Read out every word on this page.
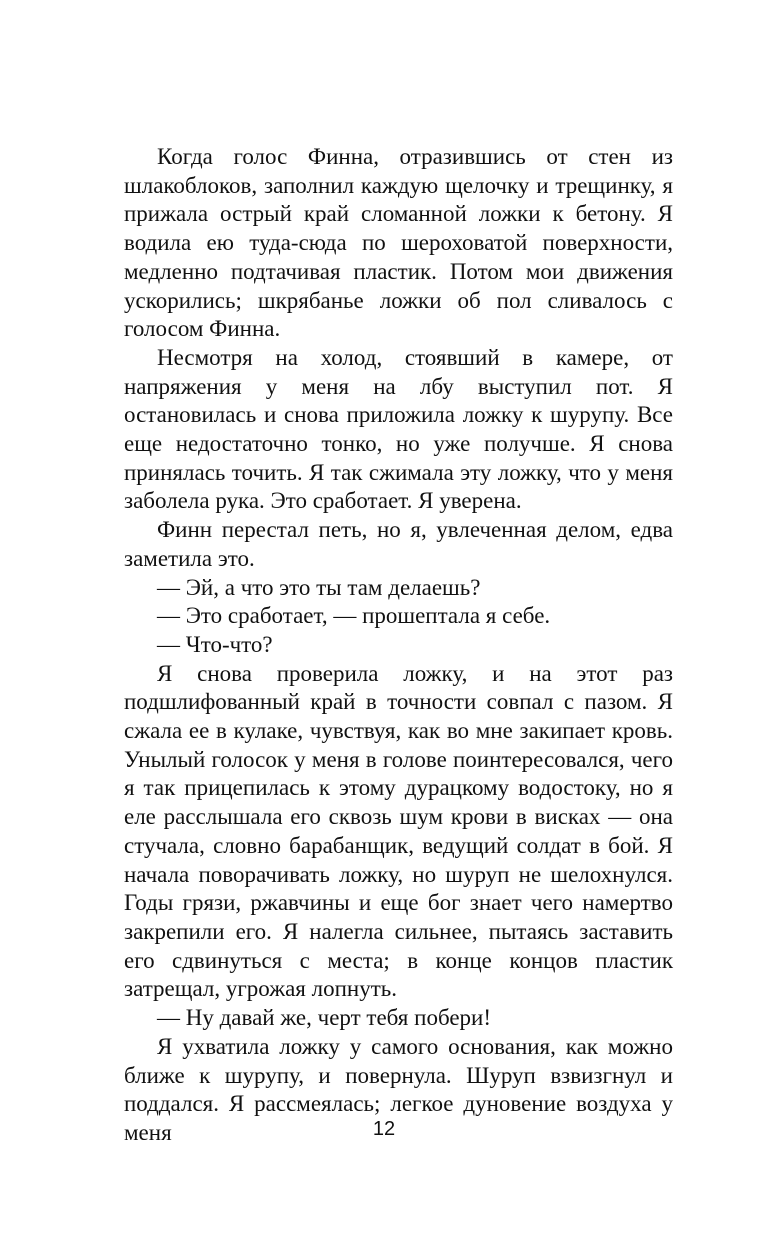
Когда голос Финна, отразившись от стен из шлакоблоков, заполнил каждую щелочку и трещинку, я прижала острый край сломанной ложки к бетону. Я водила ею туда-сюда по шероховатой поверхности, медленно подтачивая пластик. Потом мои движения ускорились; шкрябанье ложки об пол сливалось с голосом Финна.

Несмотря на холод, стоявший в камере, от напряжения у меня на лбу выступил пот. Я остановилась и снова приложила ложку к шурупу. Все еще недостаточно тонко, но уже получше. Я снова принялась точить. Я так сжимала эту ложку, что у меня заболела рука. Это сработает. Я уверена.

Финн перестал петь, но я, увлеченная делом, едва заметила это.

— Эй, а что это ты там делаешь?

— Это сработает, — прошептала я себе.

— Что-что?

Я снова проверила ложку, и на этот раз подшлифованный край в точности совпал с пазом. Я сжала ее в кулаке, чувствуя, как во мне закипает кровь. Унылый голосок у меня в голове поинтересовался, чего я так прицепилась к этому дурацкому водостоку, но я еле расслышала его сквозь шум крови в висках — она стучала, словно барабанщик, ведущий солдат в бой. Я начала поворачивать ложку, но шуруп не шелохнулся. Годы грязи, ржавчины и еще бог знает чего намертво закрепили его. Я налегла сильнее, пытаясь заставить его сдвинуться с места; в конце концов пластик затрещал, угрожая лопнуть.

— Ну давай же, черт тебя побери!

Я ухватила ложку у самого основания, как можно ближе к шурупу, и повернула. Шуруп взвизгнул и поддался. Я рассмеялась; легкое дуновение воздуха у меня	12
